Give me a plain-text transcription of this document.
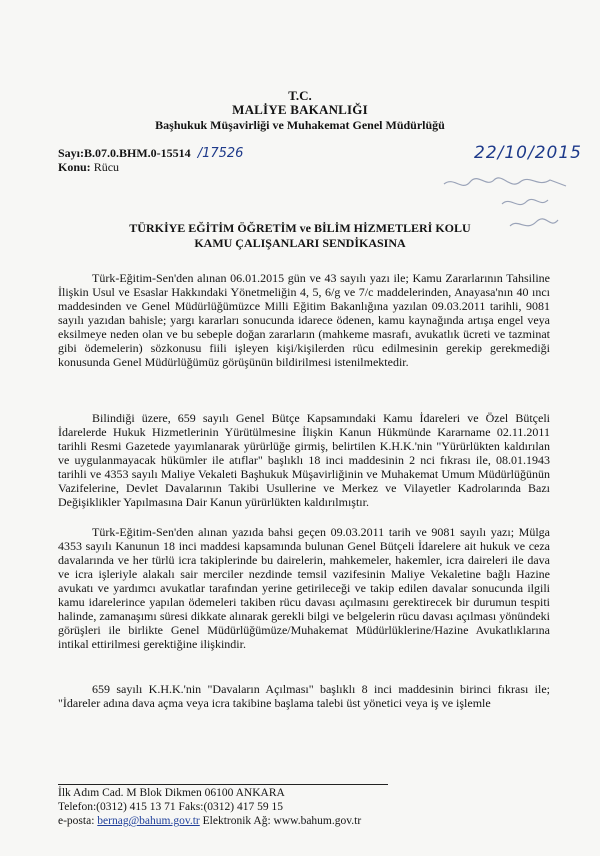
T.C.
MALİYE BAKANLIĞI
Başhukuk Müşavirliği ve Muhakemat Genel Müdürlüğü
Sayı:B.07.0.BHM.0-15514 /17526
Konu: Rücu
22/10/2015
TÜRKİYE EĞİTİM ÖĞRETİM ve BİLİM HİZMETLERİ KOLU
KAMU ÇALIŞANLARI SENDİKASINA

Türk-Eğitim-Sen'den alınan 06.01.2015 gün ve 43 sayılı yazı ile; Kamu Zararlarının Tahsiline İlişkin Usul ve Esaslar Hakkındaki Yönetmeliğin 4, 5, 6/g ve 7/c maddelerinden, Anayasa'nın 40 ıncı maddesinden ve Genel Müdürlüğümüzce Milli Eğitim Bakanlığına yazılan 09.03.2011 tarihli, 9081 sayılı yazıdan bahisle; yargı kararları sonucunda idarece ödenen, kamu kaynağında artışa engel veya eksilmeye neden olan ve bu sebeple doğan zararların (mahkeme masrafı, avukatlık ücreti ve tazminat gibi ödemelerin) sözkonusu fiili işleyen kişi/kişilerden rücu edilmesinin gerekip gerekmediği konusunda Genel Müdürlüğümüz görüşünün bildirilmesi istenilmektedir.

Bilindiği üzere, 659 sayılı Genel Bütçe Kapsamındaki Kamu İdareleri ve Özel Bütçeli İdarelerde Hukuk Hizmetlerinin Yürütülmesine İlişkin Kanun Hükmünde Kararname 02.11.2011 tarihli Resmi Gazetede yayımlanarak yürürlüğe girmiş, belirtilen K.H.K.'nin "Yürürlükten kaldırılan ve uygulanmayacak hükümler ile atıflar" başlıklı 18 inci maddesinin 2 nci fıkrası ile, 08.01.1943 tarihli ve 4353 sayılı Maliye Vekaleti Başhukuk Müşavirliğinin ve Muhakemat Umum Müdürlüğünün Vazifelerine, Devlet Davalarının Takibi Usullerine ve Merkez ve Vilayetler Kadrolarında Bazı Değişiklikler Yapılmasına Dair Kanun yürürlükten kaldırılmıştır.

Türk-Eğitim-Sen'den alınan yazıda bahsi geçen 09.03.2011 tarih ve 9081 sayılı yazı; Mülga 4353 sayılı Kanunun 18 inci maddesi kapsamında bulunan Genel Bütçeli İdarelere ait hukuk ve ceza davalarında ve her türlü icra takiplerinde bu dairelerin, mahkemeler, hakemler, icra daireleri ile dava ve icra işleriyle alakalı sair merciler nezdinde temsil vazifesinin Maliye Vekaletine bağlı Hazine avukatı ve yardımcı avukatlar tarafından yerine getirileceği ve takip edilen davalar sonucunda ilgili kamu idarelerince yapılan ödemeleri takiben rücu davası açılmasını gerektirecek bir durumun tespiti halinde, zamanaşımı süresi dikkate alınarak gerekli bilgi ve belgelerin rücu davası açılması yönündeki görüşleri ile birlikte Genel Müdürlüğümüze/Muhakemat Müdürlüklerine/Hazine Avukatlıklarına intikal ettirilmesi gerektiğine ilişkindir.

659 sayılı K.H.K.'nin "Davaların Açılması" başlıklı 8 inci maddesinin birinci fıkrası ile; "İdareler adına dava açma veya icra takibine başlama talebi üst yönetici veya iş ve işlemle

İlk Adım Cad. M Blok Dikmen 06100 ANKARA
Telefon:(0312) 415 13 71 Faks:(0312) 417 59 15
e-posta: bernag@bahum.gov.tr Elektronik Ağ: www.bahum.gov.tr
